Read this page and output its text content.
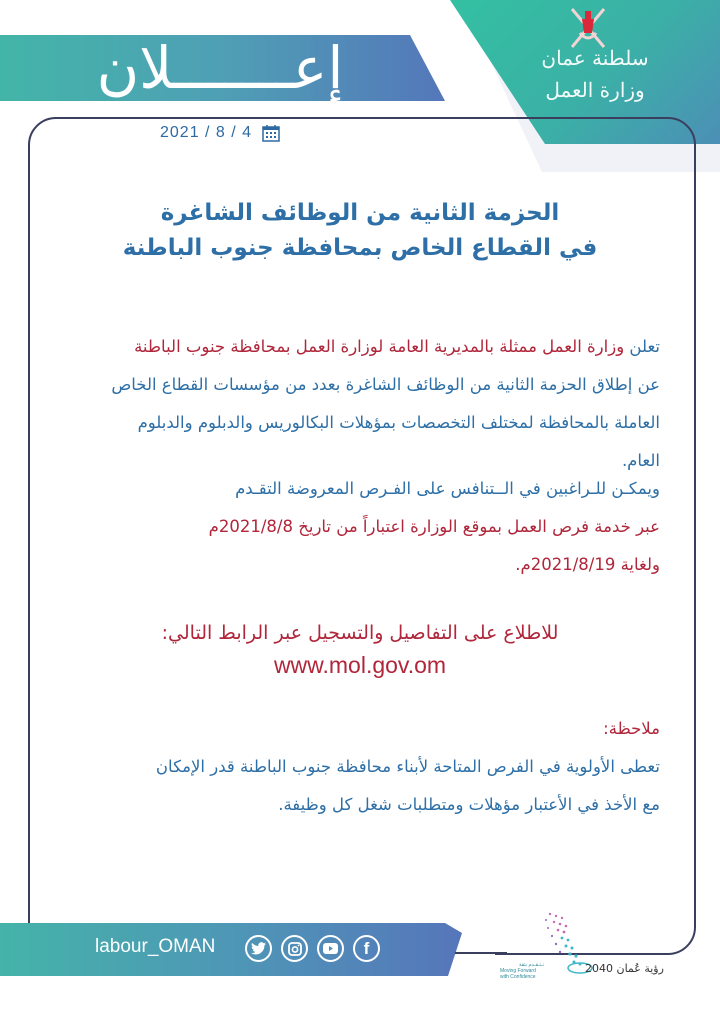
سلطنة عمان
وزارة العمل
إعـــــــلان
2021 / 8 / 4
الحزمة الثانية من الوظائف الشاغرة
في القطاع الخاص بمحافظة جنوب الباطنة
تعلن وزارة العمل ممثلة بالمديرية العامة لوزارة العمل بمحافظة جنوب الباطنة
عن إطلاق الحزمة الثانية من الوظائف الشاغرة بعدد من مؤسسات القطاع الخاص
العاملة بالمحافظة لمختلف التخصصات بمؤهلات البكالوريس والدبلوم والدبلوم
العام.
ويمكـن للـراغبين في الــتنافس على الفـرص المعروضة التقـدم
عبر خدمة فرص العمل بموقع الوزارة اعتباراً من تاريخ 2021/8/8م
ولغاية 2021/8/19م.
للاطلاع على التفاصيل والتسجيل عبر الرابط التالي:
www.mol.gov.om
ملاحظة:
تعطى الأولوية في الفرص المتاحة لأبناء محافظة جنوب الباطنة قدر الإمكان
مع الأخذ في الأعتبار مؤهلات ومتطلبات شغل كل وظيفة.
labour_OMAN	f
نـتـقـدم بثقة
Moving Forward with Confidence
رؤية عُمان 2040
